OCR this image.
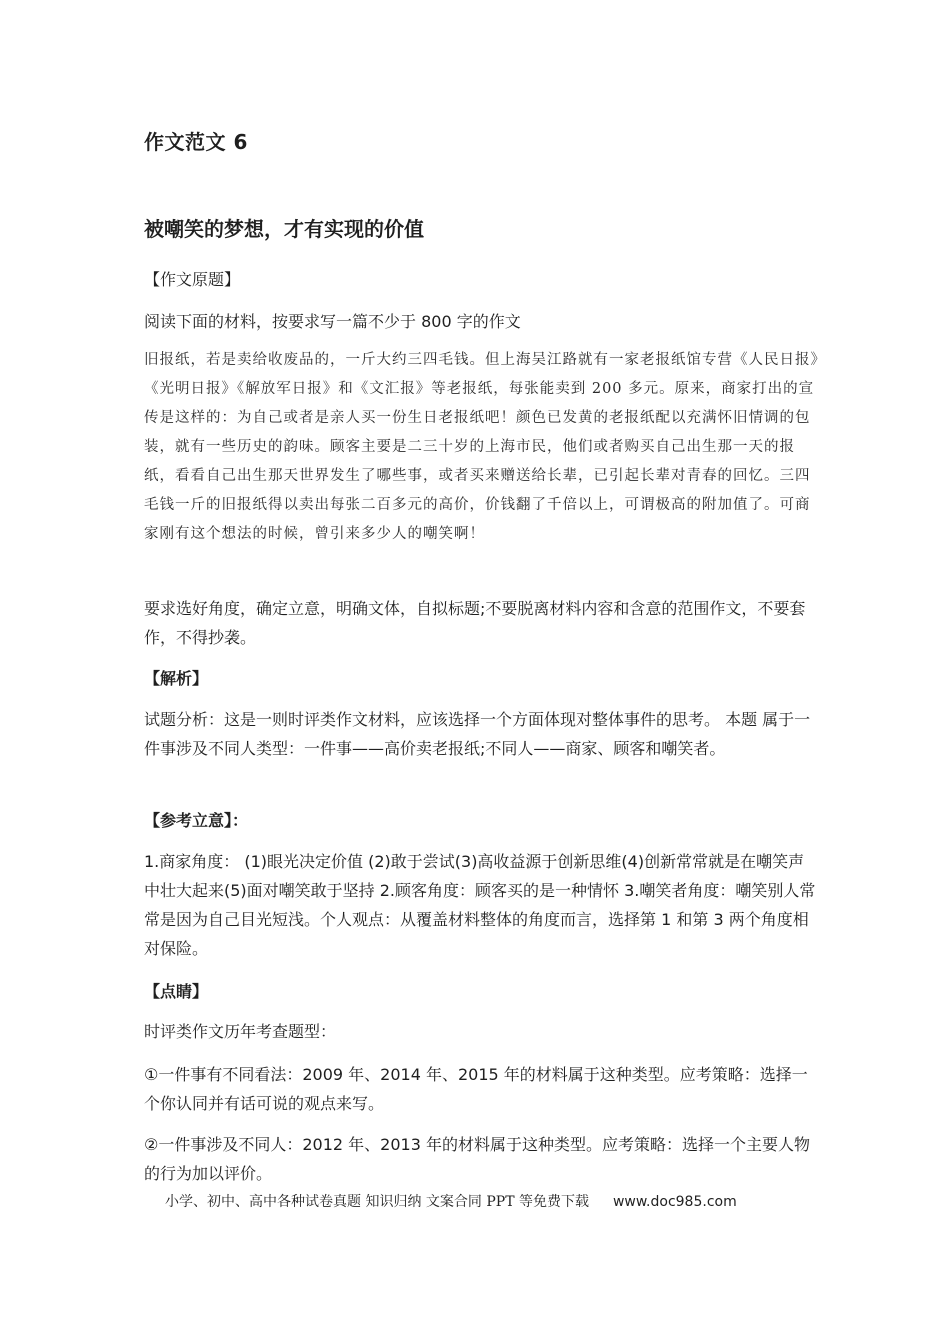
作文范文 6
被嘲笑的梦想，才有实现的价值

【作文原题】

阅读下面的材料，按要求写一篇不少于 800 字的作文

旧报纸，若是卖给收废品的，一斤大约三四毛钱。但上海吴江路就有一家老报纸馆专营《人民日报》《光明日报》《解放军日报》和《文汇报》等老报纸，每张能卖到 200 多元。原来，商家打出的宣传是这样的：为自己或者是亲人买一份生日老报纸吧！颜色已发黄的老报纸配以充满怀旧情调的包装，就有一些历史的韵味。顾客主要是二三十岁的上海市民，他们或者购买自己出生那一天的报纸，看看自己出生那天世界发生了哪些事，或者买来赠送给长辈，已引起长辈对青春的回忆。三四毛钱一斤的旧报纸得以卖出每张二百多元的高价，价钱翻了千倍以上，可谓极高的附加值了。可商家刚有这个想法的时候，曾引来多少人的嘲笑啊！

要求选好角度，确定立意，明确文体，自拟标题;不要脱离材料内容和含意的范围作文，不要套作，不得抄袭。

【解析】

试题分析：这是一则时评类作文材料，应该选择一个方面体现对整体事件的思考。 本题 属于一件事涉及不同人类型：一件事——高价卖老报纸;不同人——商家、顾客和嘲笑者。

【参考立意】：

1.商家角度： (1)眼光决定价值 (2)敢于尝试(3)高收益源于创新思维(4)创新常常就是在嘲笑声中壮大起来(5)面对嘲笑敢于坚持 2.顾客角度：顾客买的是一种情怀 3.嘲笑者角度：嘲笑别人常常是因为自己目光短浅。个人观点：从覆盖材料整体的角度而言，选择第 1 和第 3 两个角度相对保险。

【点睛】

时评类作文历年考查题型：

①一件事有不同看法：2009 年、2014 年、2015 年的材料属于这种类型。应考策略：选择一个你认同并有话可说的观点来写。

②一件事涉及不同人：2012 年、2013 年的材料属于这种类型。应考策略：选择一个主要人物的行为加以评价。

小学、初中、高中各种试卷真题 知识归纳 文案合同 PPT 等免费下载 www.doc985.com
